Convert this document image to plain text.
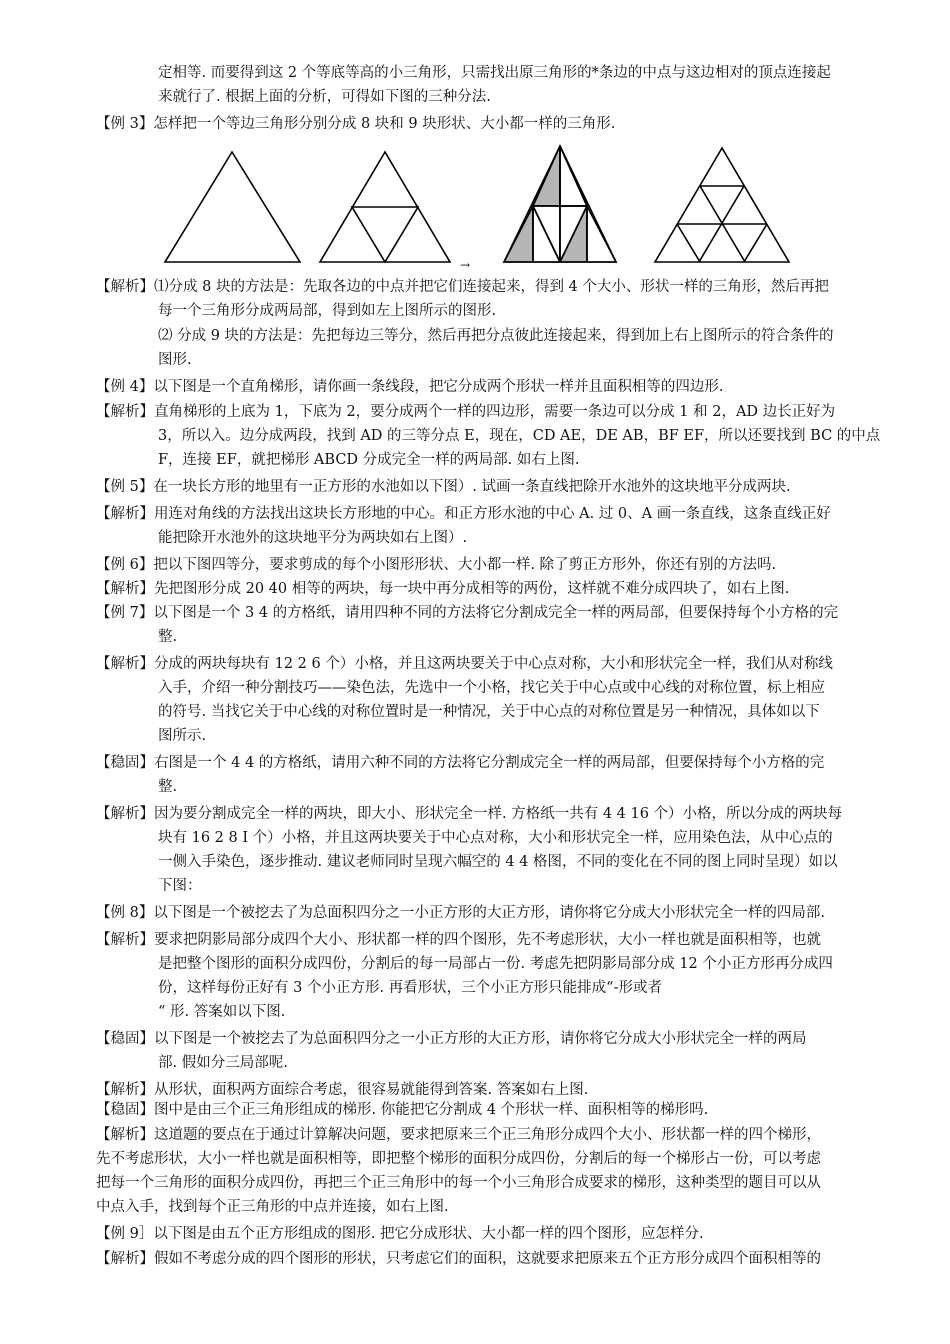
定相等. 而要得到这 2 个等底等高的小三角形，只需找出原三角形的*条边的中点与这边相对的顶点连接起
来就行了. 根据上面的分析，可得如下图的三种分法.
【例 3】怎样把一个等边三角形分别分成 8 块和 9 块形状、大小都一样的三角形.
→
【解析】⑴分成 8 块的方法是：先取各边的中点并把它们连接起来，得到 4 个大小、形状一样的三角形，然后再把
每一个三角形分成两局部，得到如左上图所示的图形.
⑵ 分成 9 块的方法是：先把每边三等分，然后再把分点彼此连接起来，得到加上右上图所示的符合条件的
图形.
【例 4】以下图是一个直角梯形，请你画一条线段，把它分成两个形状一样并且面积相等的四边形.
【解析】直角梯形的上底为 1，下底为 2，要分成两个一样的四边形，需要一条边可以分成 1 和 2，AD 边长正好为
3，所以入。边分成两段，找到 AD 的三等分点 E，现在，CD AE，DE AB，BF EF，所以还要找到 BC 的中点
F，连接 EF，就把梯形 ABCD 分成完全一样的两局部. 如右上图.
【例 5】在一块长方形的地里有一正方形的水池如以下图）. 试画一条直线把除开水池外的这块地平分成两块.
【解析】用连对角线的方法找出这块长方形地的中心。和正方形水池的中心 A. 过 0、A 画一条直线，这条直线正好
能把除开水池外的这块地平分为两块如右上图）.
【例 6】把以下图四等分，要求剪成的每个小图形形状、大小都一样. 除了剪正方形外，你还有别的方法吗.
【解析】先把图形分成 20 40 相等的两块，每一块中再分成相等的两份，这样就不难分成四块了，如右上图.
【例 7】以下图是一个 3 4 的方格纸，请用四种不同的方法将它分割成完全一样的两局部，但要保持每个小方格的完
整.
【解析】分成的两块每块有 12 2 6 个）小格，并且这两块要关于中心点对称，大小和形状完全一样，我们从对称线
入手，介绍一种分割技巧——染色法，先选中一个小格，找它关于中心点或中心线的对称位置，标上相应
的符号. 当找它关于中心线的对称位置时是一种情况，关于中心点的对称位置是另一种情况，具体如以下
图所示.
【稳固】右图是一个 4 4 的方格纸，请用六种不同的方法将它分割成完全一样的两局部，但要保持每个小方格的完
整.
【解析】因为要分割成完全一样的两块，即大小、形状完全一样. 方格纸一共有 4 4 16 个）小格，所以分成的两块每
块有 16 2 8 I 个）小格，并且这两块要关于中心点对称，大小和形状完全一样，应用染色法，从中心点的
一侧入手染色，逐步推动. 建议老师同时呈现六幅空的 4 4 格图，不同的变化在不同的图上同时呈现）如以
下图：
【例 8】以下图是一个被挖去了为总面积四分之一小正方形的大正方形，请你将它分成大小形状完全一样的四局部.
【解析】要求把阴影局部分成四个大小、形状都一样的四个图形，先不考虑形状，大小一样也就是面积相等，也就
是把整个图形的面积分成四份，分割后的每一局部占一份. 考虑先把阴影局部分成 12 个小正方形再分成四
份，这样每份正好有 3 个小正方形. 再看形状，三个小正方形只能排成“-形或者
“ 形. 答案如以下图.
【稳固】以下图是一个被挖去了为总面积四分之一小正方形的大正方形，请你将它分成大小形状完全一样的两局
部. 假如分三局部呢.
【解析】从形状，面积两方面综合考虑，很容易就能得到答案. 答案如右上图.
【稳固】图中是由三个正三角形组成的梯形. 你能把它分割成 4 个形状一样、面积相等的梯形吗.
【解析】这道题的要点在于通过计算解决问题，要求把原来三个正三角形分成四个大小、形状都一样的四个梯形，
先不考虑形状，大小一样也就是面积相等，即把整个梯形的面积分成四份，分割后的每一个梯形占一份，可以考虑
把每一个三角形的面积分成四份，再把三个正三角形中的每一个小三角形合成要求的梯形，这种类型的题目可以从
中点入手，找到每个正三角形的中点并连接，如右上图.
【例 9］以下图是由五个正方形组成的图形. 把它分成形状、大小都一样的四个图形，应怎样分.
【解析】假如不考虑分成的四个图形的形状，只考虑它们的面积，这就要求把原来五个正方形分成四个面积相等的
